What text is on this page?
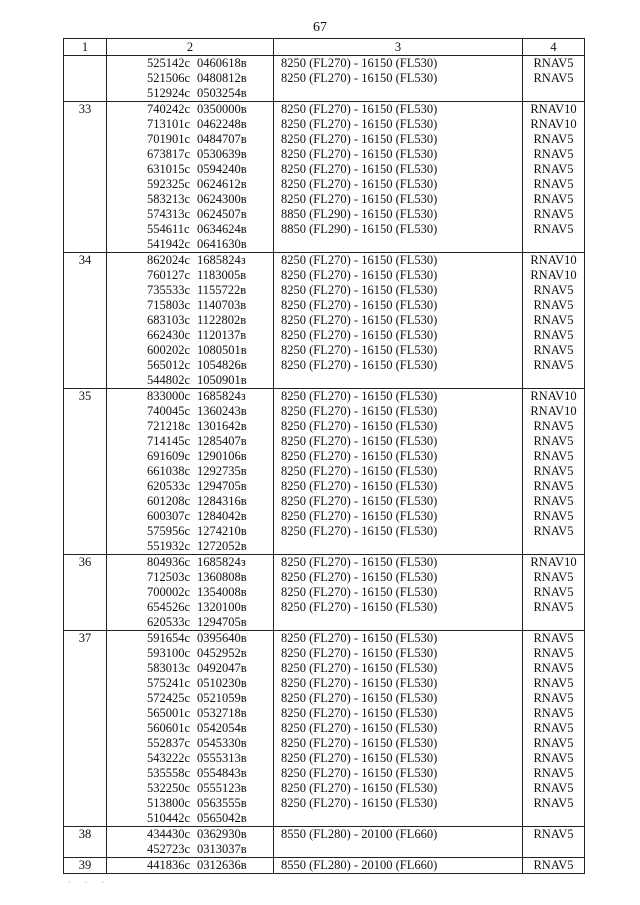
67
1	2	3	4
	525142с 0460618в	8250 (FL270) - 16150 (FL530)	RNAV5
	521506с 0480812в	8250 (FL270) - 16150 (FL530)	RNAV5
	512924с 0503254в		
33	740242с 0350000в	8250 (FL270) - 16150 (FL530)	RNAV10
	713101с 0462248в	8250 (FL270) - 16150 (FL530)	RNAV10
	701901с 0484707в	8250 (FL270) - 16150 (FL530)	RNAV5
	673817с 0530639в	8250 (FL270) - 16150 (FL530)	RNAV5
	631015с 0594240в	8250 (FL270) - 16150 (FL530)	RNAV5
	592325с 0624612в	8250 (FL270) - 16150 (FL530)	RNAV5
	583213с 0624300в	8250 (FL270) - 16150 (FL530)	RNAV5
	574313с 0624507в	8850 (FL290) - 16150 (FL530)	RNAV5
	554611с 0634624в	8850 (FL290) - 16150 (FL530)	RNAV5
	541942с 0641630в		
34	862024с 1685824з	8250 (FL270) - 16150 (FL530)	RNAV10
	760127с 1183005в	8250 (FL270) - 16150 (FL530)	RNAV10
	735533с 1155722в	8250 (FL270) - 16150 (FL530)	RNAV5
	715803с 1140703в	8250 (FL270) - 16150 (FL530)	RNAV5
	683103с 1122802в	8250 (FL270) - 16150 (FL530)	RNAV5
	662430с 1120137в	8250 (FL270) - 16150 (FL530)	RNAV5
	600202с 1080501в	8250 (FL270) - 16150 (FL530)	RNAV5
	565012с 1054826в	8250 (FL270) - 16150 (FL530)	RNAV5
	544802с 1050901в		
35	833000с 1685824з	8250 (FL270) - 16150 (FL530)	RNAV10
	740045с 1360243в	8250 (FL270) - 16150 (FL530)	RNAV10
	721218с 1301642в	8250 (FL270) - 16150 (FL530)	RNAV5
	714145с 1285407в	8250 (FL270) - 16150 (FL530)	RNAV5
	691609с 1290106в	8250 (FL270) - 16150 (FL530)	RNAV5
	661038с 1292735в	8250 (FL270) - 16150 (FL530)	RNAV5
	620533с 1294705в	8250 (FL270) - 16150 (FL530)	RNAV5
	601208с 1284316в	8250 (FL270) - 16150 (FL530)	RNAV5
	600307с 1284042в	8250 (FL270) - 16150 (FL530)	RNAV5
	575956с 1274210в	8250 (FL270) - 16150 (FL530)	RNAV5
	551932с 1272052в		
36	804936с 1685824з	8250 (FL270) - 16150 (FL530)	RNAV10
	712503с 1360808в	8250 (FL270) - 16150 (FL530)	RNAV5
	700002с 1354008в	8250 (FL270) - 16150 (FL530)	RNAV5
	654526с 1320100в	8250 (FL270) - 16150 (FL530)	RNAV5
	620533с 1294705в		
37	591654с 0395640в	8250 (FL270) - 16150 (FL530)	RNAV5
	593100с 0452952в	8250 (FL270) - 16150 (FL530)	RNAV5
	583013с 0492047в	8250 (FL270) - 16150 (FL530)	RNAV5
	575241с 0510230в	8250 (FL270) - 16150 (FL530)	RNAV5
	572425с 0521059в	8250 (FL270) - 16150 (FL530)	RNAV5
	565001с 0532718в	8250 (FL270) - 16150 (FL530)	RNAV5
	560601с 0542054в	8250 (FL270) - 16150 (FL530)	RNAV5
	552837с 0545330в	8250 (FL270) - 16150 (FL530)	RNAV5
	543222с 0555313в	8250 (FL270) - 16150 (FL530)	RNAV5
	535558с 0554843в	8250 (FL270) - 16150 (FL530)	RNAV5
	532250с 0555123в	8250 (FL270) - 16150 (FL530)	RNAV5
	513800с 0563555в	8250 (FL270) - 16150 (FL530)	RNAV5
	510442с 0565042в		
38	434430с 0362930в	8550 (FL280) - 20100 (FL660)	RNAV5
	452723с 0313037в		
39	441836с 0312636в	8550 (FL280) - 20100 (FL660)	RNAV5
· · ·
